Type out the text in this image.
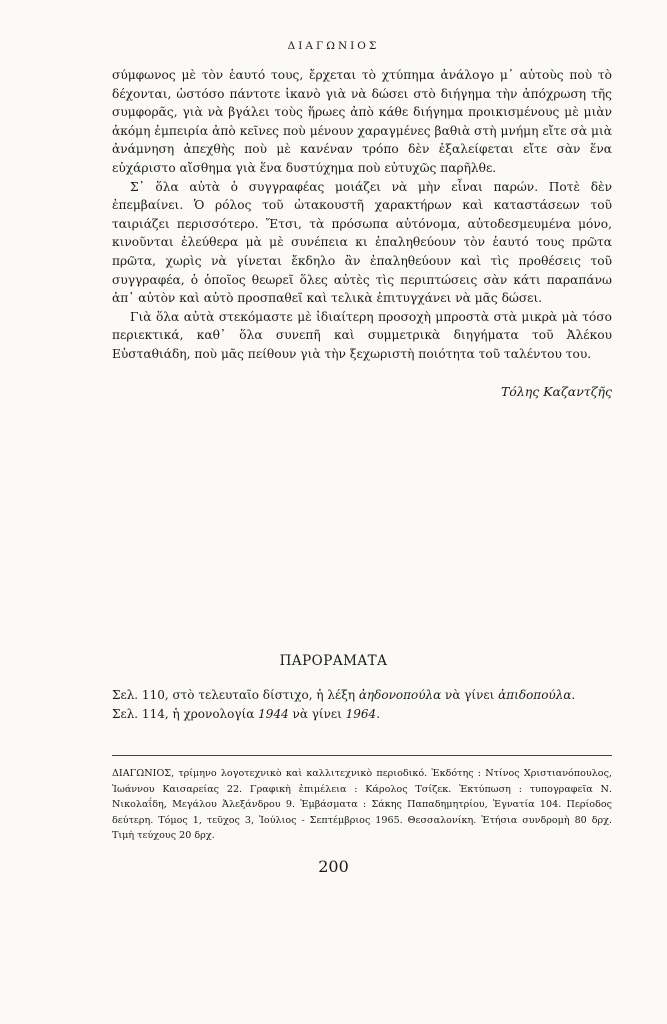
ΔΙΑΓΩΝΙΟΣ

σύμφωνος μὲ τὸν ἑαυτό τους, ἔρχεται τὸ χτύπημα ἀνάλογο μ᾿ αὐτοὺς ποὺ τὸ δέχονται, ὡστόσο πάντοτε ἱκανὸ γιὰ νὰ δώσει στὸ διήγημα τὴν ἀπόχρωση τῆς συμφορᾶς, γιὰ νὰ βγάλει τοὺς ἥρωες ἀπὸ κάθε διήγημα προικισμένους μὲ μιὰν ἀκόμη ἐμπειρία ἀπὸ κεῖνες ποὺ μένουν χαραγμένες βαθιὰ στὴ μνήμη εἴτε σὰ μιὰ ἀνάμνηση ἀπεχθὴς ποὺ μὲ κανέναν τρόπο δὲν ἐξαλείφεται εἴτε σὰν ἕνα εὐχάριστο αἴσθημα γιὰ ἕνα δυστύχημα ποὺ εὐτυχῶς παρῆλθε.

Σ᾿ ὅλα αὐτὰ ὁ συγγραφέας μοιάζει νὰ μὴν εἶναι παρών. Ποτὲ δὲν ἐπεμβαίνει. Ὁ ρόλος τοῦ ὠτακουστῆ χαρακτήρων καὶ καταστάσεων τοῦ ταιριάζει περισσότερο. Ἔτσι, τὰ πρόσωπα αὐτόνομα, αὐτοδεσμευμένα μόνο, κινοῦνται ἐλεύθερα μὰ μὲ συνέπεια κι ἐπαληθεύουν τὸν ἑαυτό τους πρῶτα πρῶτα, χωρὶς νὰ γίνεται ἔκδηλο ἂν ἐπαληθεύουν καὶ τὶς προθέσεις τοῦ συγγραφέα, ὁ ὁποῖος θεωρεῖ ὅλες αὐτὲς τὶς περιπτώσεις σὰν κάτι παραπάνω ἀπ᾿ αὐτὸν καὶ αὐτὸ προσπαθεῖ καὶ τελικὰ ἐπιτυγχάνει νὰ μᾶς δώσει.

Γιὰ ὅλα αὐτὰ στεκόμαστε μὲ ἰδιαίτερη προσοχὴ μπροστὰ στὰ μικρὰ μὰ τόσο περιεκτικά, καθ᾿ ὅλα συνεπῆ καὶ συμμετρικὰ διηγήματα τοῦ Ἀλέκου Εὐσταθιάδη, ποὺ μᾶς πείθουν γιὰ τὴν ξεχωριστὴ ποιότητα τοῦ ταλέντου του.

Τόλης Καζαντζῆς
ΠΑΡΟΡΑΜΑΤΑ
Σελ. 110, στὸ τελευταῖο δίστιχο, ἡ λέξη ἀηδονοπούλα νὰ γίνει ἀπιδοπούλα.
Σελ. 114, ἡ χρονολογία 1944 νὰ γίνει 1964.
ΔΙΑΓΩΝΙΟΣ, τρίμηνο λογοτεχνικὸ καὶ καλλιτεχνικὸ περιοδικό. Ἐκδότης : Ντίνος Χριστιανόπουλος, Ἰωάννου Καισαρείας 22. Γραφικὴ ἐπιμέλεια : Κάρολος Τσίζεκ. Ἐκτύπωση : τυπογραφεῖα Ν. Νικολαΐδη, Μεγάλου Ἀλεξάνδρου 9. Ἐμβάσματα : Σάκης Παπαδημητρίου, Ἐγνατία 104. Περίοδος δεύτερη. Τόμος 1, τεῦχος 3, Ἰούλιος - Σεπτέμβριος 1965. Θεσσαλονίκη. Ἐτήσια συνδρομὴ 80 δρχ. Τιμὴ τεύχους 20 δρχ.
200
